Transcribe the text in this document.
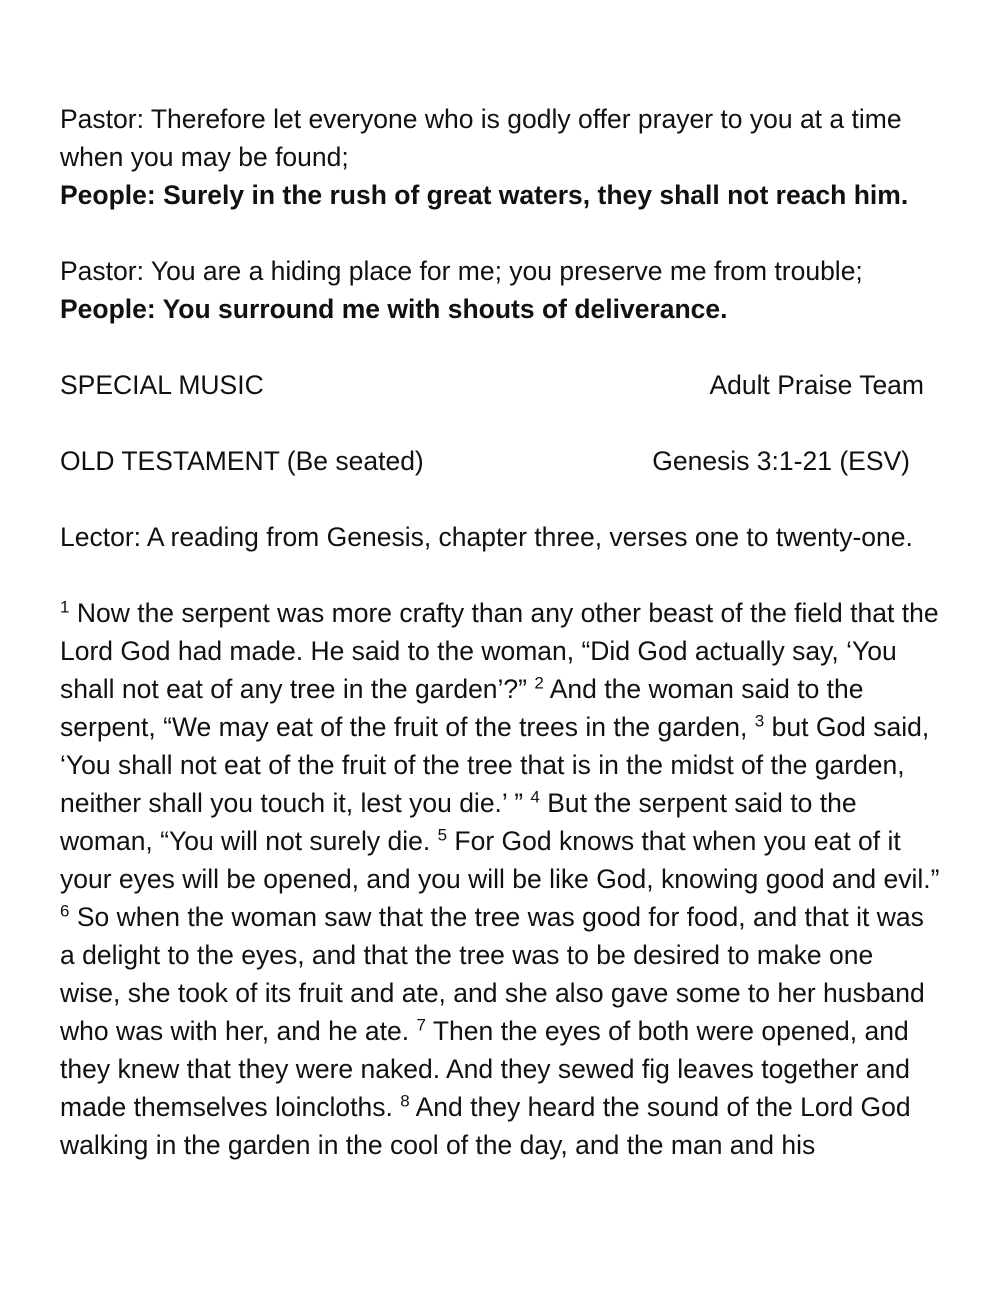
Pastor: Therefore let everyone who is godly offer prayer to you at a time when you may be found;

People: Surely in the rush of great waters, they shall not reach him.

Pastor: You are a hiding place for me; you preserve me from trouble;

People: You surround me with shouts of deliverance.

SPECIAL MUSIC	Adult Praise Team
OLD TESTAMENT (Be seated)	Genesis 3:1-21 (ESV)

Lector: A reading from Genesis, chapter three, verses one to twenty-one.

$^1$ Now the serpent was more crafty than any other beast of the field that the Lord God had made. He said to the woman, “Did God actually say, ‘You shall not eat of any tree in the garden’?” $^2$ And the woman said to the serpent, “We may eat of the fruit of the trees in the garden, $^3$ but God said, ‘You shall not eat of the fruit of the tree that is in the midst of the garden, neither shall you touch it, lest you die.’ ” $^4$ But the serpent said to the woman, “You will not surely die. $^5$ For God knows that when you eat of it your eyes will be opened, and you will be like God, knowing good and evil.” $^6$ So when the woman saw that the tree was good for food, and that it was a delight to the eyes, and that the tree was to be desired to make one wise, she took of its fruit and ate, and she also gave some to her husband who was with her, and he ate. $^7$ Then the eyes of both were opened, and they knew that they were naked. And they sewed fig leaves together and made themselves loincloths. $^8$ And they heard the sound of the Lord God walking in the garden in the cool of the day, and the man and his
